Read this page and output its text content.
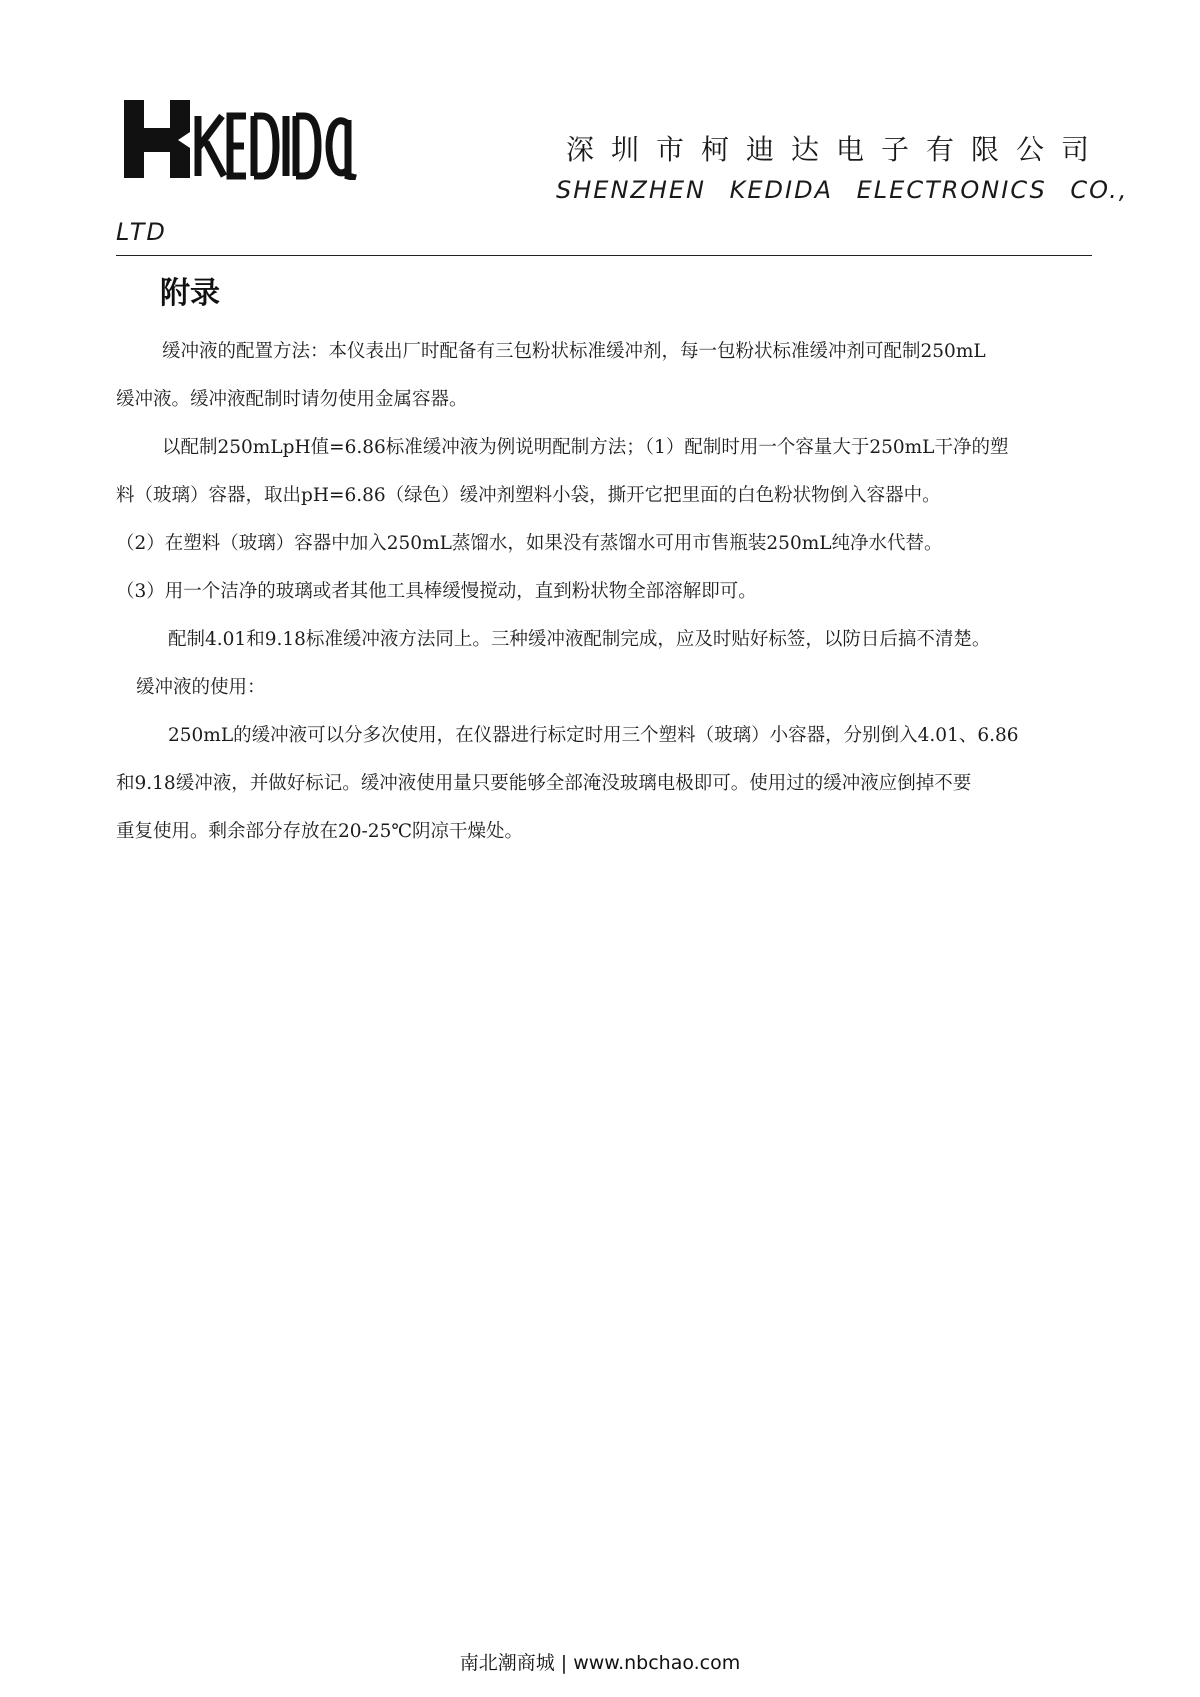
深圳市柯迪达电子有限公司
SHENZHEN KEDIDA ELECTRONICS CO.,
LTD
附录
缓冲液的配置方法：本仪表出厂时配备有三包粉状标准缓冲剂，每一包粉状标准缓冲剂可配制250mL
缓冲液。缓冲液配制时请勿使用金属容器。
以配制250mLpH值=6.86标准缓冲液为例说明配制方法；（1）配制时用一个容量大于250mL干净的塑
料（玻璃）容器，取出pH=6.86（绿色）缓冲剂塑料小袋，撕开它把里面的白色粉状物倒入容器中。
（2）在塑料（玻璃）容器中加入250mL蒸馏水，如果没有蒸馏水可用市售瓶装250mL纯净水代替。
（3）用一个洁净的玻璃或者其他工具棒缓慢搅动，直到粉状物全部溶解即可。
配制4.01和9.18标准缓冲液方法同上。三种缓冲液配制完成，应及时贴好标签，以防日后搞不清楚。
缓冲液的使用：
250mL的缓冲液可以分多次使用，在仪器进行标定时用三个塑料（玻璃）小容器，分别倒入4.01、6.86
和9.18缓冲液，并做好标记。缓冲液使用量只要能够全部淹没玻璃电极即可。使用过的缓冲液应倒掉不要
重复使用。剩余部分存放在20-25℃阴凉干燥处。
南北潮商城 | www.nbchao.com
